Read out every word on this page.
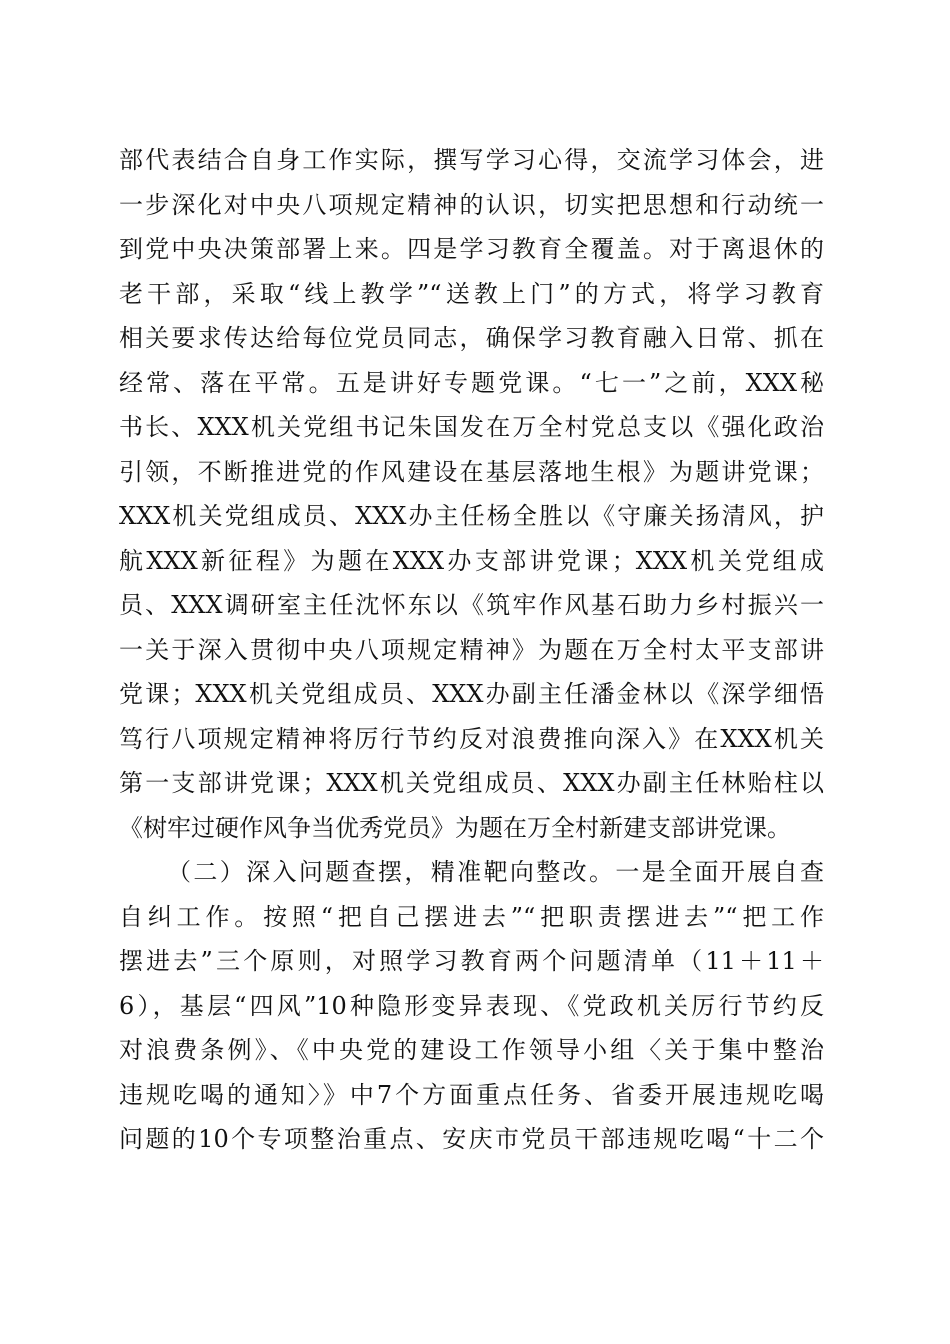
部代表结合自身工作实际，撰写学习心得，交流学习体会，进
一步深化对中央八项规定精神的认识，切实把思想和行动统一
到党中央决策部署上来。四是学习教育全覆盖。对于离退休的
老干部，采取“线上教学”“送教上门”的方式，将学习教育
相关要求传达给每位党员同志，确保学习教育融入日常、抓在
经常、落在平常。五是讲好专题党课。“七一”之前，XXX秘
书长、XXX机关党组书记朱国发在万全村党总支以《强化政治
引领，不断推进党的作风建设在基层落地生根》为题讲党课；
XXX机关党组成员、XXX办主任杨全胜以《守廉关扬清风，护
航XXX新征程》为题在XXX办支部讲党课；XXX机关党组成
员、XXX调研室主任沈怀东以《筑牢作风基石助力乡村振兴一
一关于深入贯彻中央八项规定精神》为题在万全村太平支部讲
党课；XXX机关党组成员、XXX办副主任潘金林以《深学细悟
笃行八项规定精神将厉行节约反对浪费推向深入》在XXX机关
第一支部讲党课；XXX机关党组成员、XXX办副主任林贻柱以
《树牢过硬作风争当优秀党员》为题在万全村新建支部讲党课。
（二）深入问题查摆，精准靶向整改。一是全面开展自查
自纠工作。按照“把自己摆进去”“把职责摆进去”“把工作
摆进去”三个原则，对照学习教育两个问题清单（11＋11＋
6），基层“四风”10种隐形变异表现、《党政机关厉行节约反
对浪费条例》、《中央党的建设工作领导小组〈关于集中整治
违规吃喝的通知〉》中7个方面重点任务、省委开展违规吃喝
问题的10个专项整治重点、安庆市党员干部违规吃喝“十二个
